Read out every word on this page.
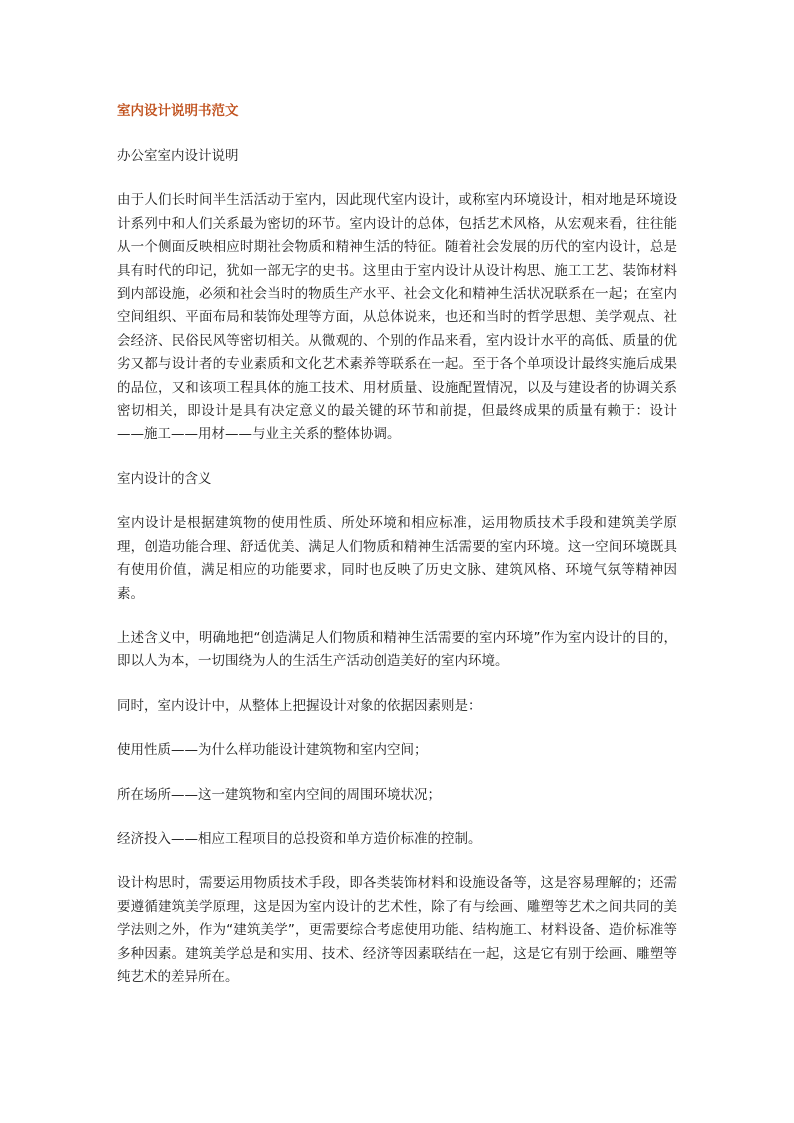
室内设计说明书范文

办公室室内设计说明

由于人们长时间半生活活动于室内，因此现代室内设计，或称室内环境设计，相对地是环境设计系列中和人们关系最为密切的环节。室内设计的总体，包括艺术风格，从宏观来看，往往能从一个侧面反映相应时期社会物质和精神生活的特征。随着社会发展的历代的室内设计，总是具有时代的印记，犹如一部无字的史书。这里由于室内设计从设计构思、施工工艺、装饰材料到内部设施，必须和社会当时的物质生产水平、社会文化和精神生活状况联系在一起；在室内空间组织、平面布局和装饰处理等方面，从总体说来，也还和当时的哲学思想、美学观点、社会经济、民俗民风等密切相关。从微观的、个别的作品来看，室内设计水平的高低、质量的优劣又都与设计者的专业素质和文化艺术素养等联系在一起。至于各个单项设计最终实施后成果的品位，又和该项工程具体的施工技术、用材质量、设施配置情况，以及与建设者的协调关系密切相关，即设计是具有决定意义的最关键的环节和前提，但最终成果的质量有赖于：设计——施工——用材——与业主关系的整体协调。

室内设计的含义

室内设计是根据建筑物的使用性质、所处环境和相应标准，运用物质技术手段和建筑美学原理，创造功能合理、舒适优美、满足人们物质和精神生活需要的室内环境。这一空间环境既具有使用价值，满足相应的功能要求，同时也反映了历史文脉、建筑风格、环境气氛等精神因素。

上述含义中，明确地把“创造满足人们物质和精神生活需要的室内环境”作为室内设计的目的，即以人为本，一切围绕为人的生活生产活动创造美好的室内环境。

同时，室内设计中，从整体上把握设计对象的依据因素则是：

使用性质——为什么样功能设计建筑物和室内空间；

所在场所——这一建筑物和室内空间的周围环境状况；

经济投入——相应工程项目的总投资和单方造价标准的控制。

设计构思时，需要运用物质技术手段，即各类装饰材料和设施设备等，这是容易理解的；还需要遵循建筑美学原理，这是因为室内设计的艺术性，除了有与绘画、雕塑等艺术之间共同的美学法则之外，作为“建筑美学”，更需要综合考虑使用功能、结构施工、材料设备、造价标准等多种因素。建筑美学总是和实用、技术、经济等因素联结在一起，这是它有别于绘画、雕塑等纯艺术的差异所在。
